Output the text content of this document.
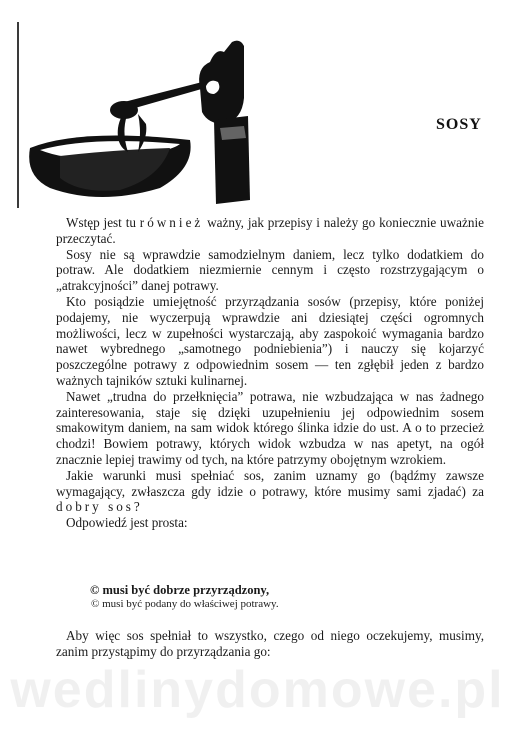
SOSY

Wstęp jest tu również ważny, jak przepisy i należy go koniecznie uważnie przeczytać.

Sosy nie są wprawdzie samodzielnym daniem, lecz tylko dodatkiem do potraw. Ale dodatkiem niezmiernie cennym i często rozstrzygającym o „atrakcyjności” danej potrawy.

Kto posiądzie umiejętność przyrządzania sosów (przepisy, które poniżej podajemy, nie wyczerpują wprawdzie ani dziesiątej części ogromnych możliwości, lecz w zupełności wystarczają, aby zaspokoić wymagania bardzo nawet wybrednego „samotnego podniebienia”) i nauczy się kojarzyć poszczególne potrawy z odpowiednim sosem — ten zgłębił jeden z bardzo ważnych tajników sztuki kulinarnej.

Nawet „trudna do przełknięcia” potrawa, nie wzbudzająca w nas żadnego zainteresowania, staje się dzięki uzupełnieniu jej odpowiednim sosem smakowitym daniem, na sam widok którego ślinka idzie do ust. A o to przecież chodzi! Bowiem potrawy, których widok wzbudza w nas apetyt, na ogół znacznie lepiej trawimy od tych, na które patrzymy obojętnym wzrokiem.

Jakie warunki musi spełniać sos, zanim uznamy go (bądźmy zawsze wymagający, zwłaszcza gdy idzie o potrawy, które musimy sami zjadać) za dobry sos?

Odpowiedź jest prosta:

© musi być dobrze przyrządzony,
© musi być podany do właściwej potrawy.

Aby więc sos spełniał to wszystko, czego od niego oczekujemy, musimy, zanim przystąpimy do przyrządzania go:

wedlinydomowe.pl
